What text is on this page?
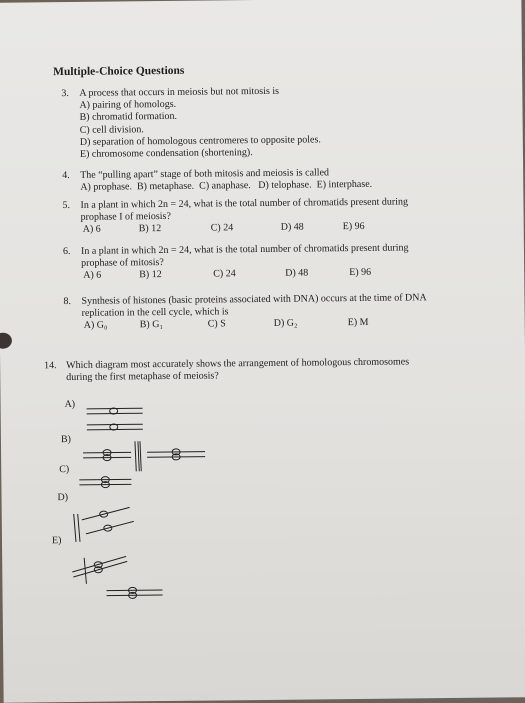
Multiple-Choice Questions
3.	A process that occurs in meiosis but not mitosis is
A) pairing of homologs.
B) chromatid formation.
C) cell division.
D) separation of homologous centromeres to opposite poles.
E) chromosome condensation (shortening).
4.	The “pulling apart” stage of both mitosis and meiosis is called
A) prophase.  B) metaphase.  C) anaphase.   D) telophase.  E) interphase.
5.	In a plant in which 2n = 24, what is the total number of chromatids present during
prophase I of meiosis?
A) 6	B) 12	C) 24	D) 48	E) 96
6.	In a plant in which 2n = 24, what is the total number of chromatids present during
prophase of mitosis?
A) 6	B) 12	C) 24	D) 48	E) 96
8.	Synthesis of histones (basic proteins associated with DNA) occurs at the time of DNA
replication in the cell cycle, which is
A) G₀	B) G₁	C) S	D) G₂	E) M
14. Which diagram most accurately shows the arrangement of homologous chromosomes
during the first metaphase of meiosis?
A)
B)
C)
D)
E)
